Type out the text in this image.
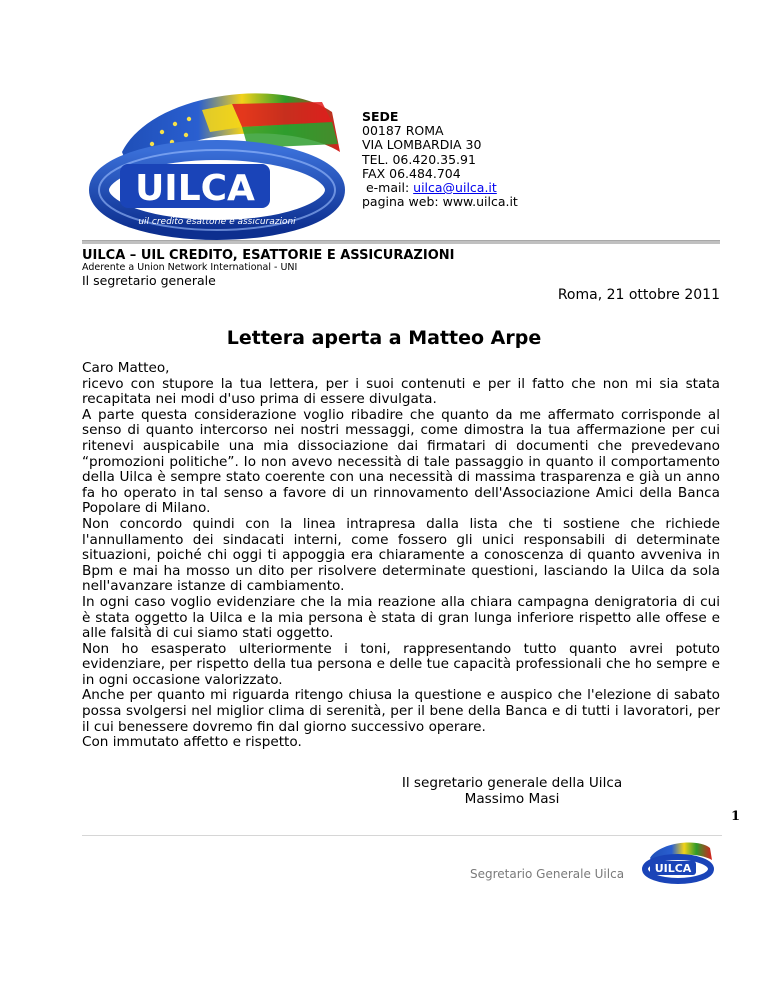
UILCA
uil credito esattorie e assicurazioni
SEDE
00187 ROMA
VIA LOMBARDIA 30
TEL. 06.420.35.91
FAX 06.484.704
e-mail: uilca@uilca.it
pagina web: www.uilca.it
UILCA – UIL CREDITO, ESATTORIE E ASSICURAZIONI
Aderente a Union Network International - UNI
Il segretario generale
Roma, 21 ottobre 2011
Lettera aperta a Matteo Arpe

Caro Matteo,

ricevo con stupore la tua lettera, per i suoi contenuti e per il fatto che non mi sia stata recapitata nei modi d'uso prima di essere divulgata.

A parte questa considerazione voglio ribadire che quanto da me affermato corrisponde al senso di quanto intercorso nei nostri messaggi, come dimostra la tua affermazione per cui ritenevi auspicabile una mia dissociazione dai firmatari di documenti che prevedevano “promozioni politiche”. Io non avevo necessità di tale passaggio in quanto il comportamento della Uilca è sempre stato coerente con una necessità di massima trasparenza e già un anno fa ho operato in tal senso a favore di un rinnovamento dell'Associazione Amici della Banca Popolare di Milano.

Non concordo quindi con la linea intrapresa dalla lista che ti sostiene che richiede l'annullamento dei sindacati interni, come fossero gli unici responsabili di determinate situazioni, poiché chi oggi ti appoggia era chiaramente a conoscenza di quanto avveniva in Bpm e mai ha mosso un dito per risolvere determinate questioni, lasciando la Uilca da sola nell'avanzare istanze di cambiamento.

In ogni caso voglio evidenziare che la mia reazione alla chiara campagna denigratoria di cui è stata oggetto la Uilca e la mia persona è stata di gran lunga inferiore rispetto alle offese e alle falsità di cui siamo stati oggetto.

Non ho esasperato ulteriormente i toni, rappresentando tutto quanto avrei potuto evidenziare, per rispetto della tua persona e delle tue capacità professionali che ho sempre e in ogni occasione valorizzato.

Anche per quanto mi riguarda ritengo chiusa la questione e auspico che l'elezione di sabato possa svolgersi nel miglior clima di serenità, per il bene della Banca e di tutti i lavoratori, per il cui benessere dovremo fin dal giorno successivo operare.

Con immutato affetto e rispetto.

Il segretario generale della Uilca
Massimo Masi
1
Segretario Generale Uilca	UILCA
